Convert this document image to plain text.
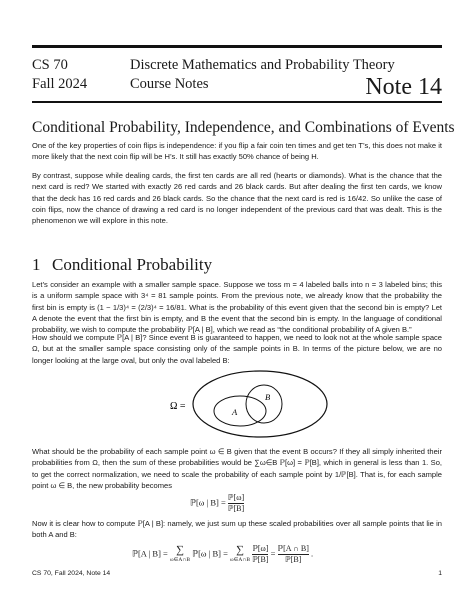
CS 70
Fall 2024
Discrete Mathematics and Probability Theory
Course Notes	Note 14
Conditional Probability, Independence, and Combinations of Events

One of the key properties of coin flips is independence: if you flip a fair coin ten times and get ten T’s, this does not make it more likely that the next coin flip will be H’s. It still has exactly 50% chance of being H.

By contrast, suppose while dealing cards, the first ten cards are all red (hearts or diamonds). What is the chance that the next card is red? We started with exactly 26 red cards and 26 black cards. But after dealing the first ten cards, we know that the deck has 16 red cards and 26 black cards. So the chance that the next card is red is 16/42. So unlike the case of coin flips, now the chance of drawing a red card is no longer independent of the previous card that was dealt. This is the phenomenon we will explore in this note.

1 Conditional Probability

Let’s consider an example with a smaller sample space. Suppose we toss m = 4 labeled balls into n = 3 labeled bins; this is a uniform sample space with 3⁴ = 81 sample points. From the previous note, we already know that the probability the first bin is empty is (1 − 1/3)⁴ = (2/3)⁴ = 16/81. What is the probability of this event given that the second bin is empty? Let A denote the event that the first bin is empty, and B the event that the second bin is empty. In the language of conditional probability, we wish to compute the probability ℙ[A | B], which we read as “the conditional probability of A given B.”

How should we compute ℙ[A | B]? Since event B is guaranteed to happen, we need to look not at the whole sample space Ω, but at the smaller sample space consisting only of the sample points in B. In terms of the picture below, we are no longer looking at the large oval, but only the oval labeled B:

Ω =	A
B

What should be the probability of each sample point ω ∈ B given that the event B occurs? If they all simply inherited their probabilities from Ω, then the sum of these probabilities would be ∑ω∈B ℙ[ω] = ℙ[B], which in general is less than 1. So, to get the correct normalization, we need to scale the probability of each sample point by 1/ℙ[B]. That is, for each sample point ω ∈ B, the new probability becomes

ℙ[ω | $B] = \frac{\text{ℙ[ω]}}{\text{ℙ[B]}}$

Now it is clear how to compute ℙ[A | B]: namely, we just sum up these scaled probabilities over all sample points that lie in both A and B:

ℙ[A | B] = ∑
ω∈A∩B
ℙ[ω | B] = ∑
ω∈A∩B
$\frac{\text{ℙ[ω]}}{\text{ℙ[B]}} = \frac{\text{ℙ[A ∩ B]}}{\text{ℙ[B]}}$ .
CS 70, Fall 2024, Note 14	1
